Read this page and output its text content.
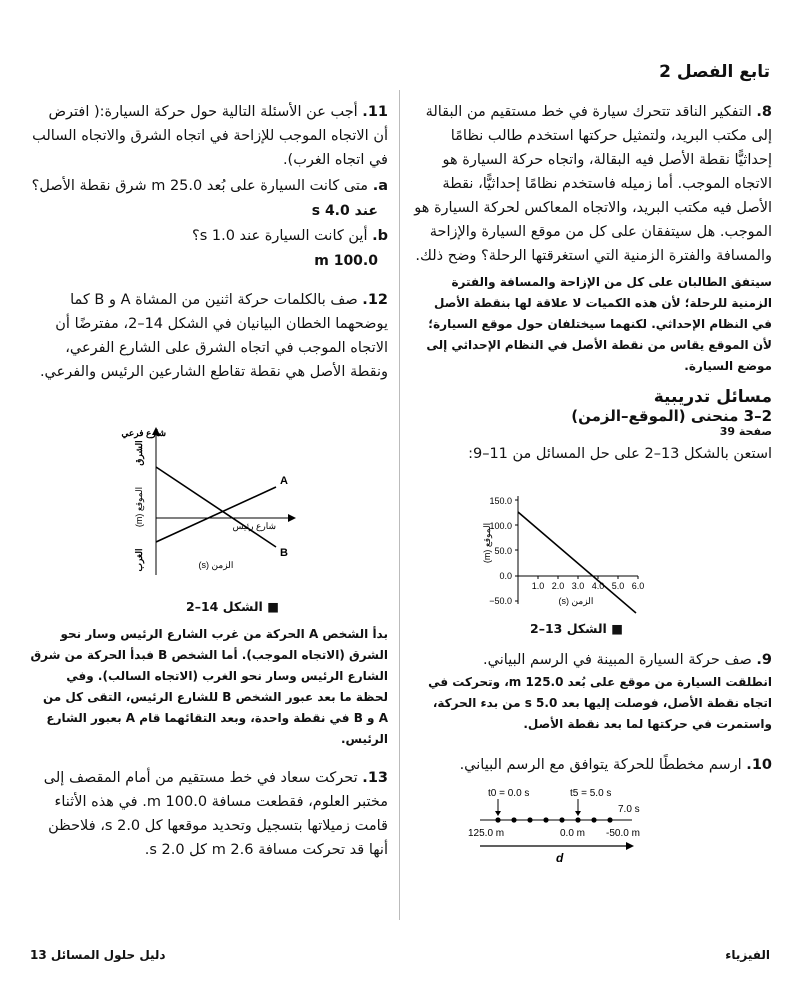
تابع الفصل 2
8. التفكير الناقد تتحرك سيارة في خط مستقيم من البقالة إلى مكتب البريد، ولتمثيل حركتها استخدم طالب نظامًا إحداثيًّا نقطة الأصل فيه البقالة، واتجاه حركة السيارة هو الاتجاه الموجب. أما زميله فاستخدم نظامًا إحداثيًّا، نقطة الأصل فيه مكتب البريد، والاتجاه المعاكس لحركة السيارة هو الموجب. هل سيتفقان على كل من موقع السيارة والإزاحة والمسافة والفترة الزمنية التي استغرقتها الرحلة؟ وضح ذلك.
سيتفق الطالبان على كل من الإزاحة والمسافة والفترة الزمنية للرحلة؛ لأن هذه الكميات لا علاقة لها بنقطة الأصل في النظام الإحداثي. لكنهما سيختلفان حول موقع السيارة؛ لأن الموقع يقاس من نقطة الأصل في النظام الإحداثي إلى موضع السيارة.
مسائل تدريبية
2–3 منحنى (الموقع–الزمن)
صفحة 39
استعن بالشكل 13–2 على حل المسائل من 11–9:
150.0
100.0
50.0
0.0
−50.0
1.0 2.0 3.0 4.0 5.0 6.0
الزمن (s)
الموقع (m)
■ الشكل 13–2
9. صف حركة السيارة المبينة في الرسم البياني.
انطلقت السيارة من موقع على بُعد 125.0 m، وتحركت في اتجاه نقطة الأصل، فوصلت إليها بعد 5.0 s من بدء الحركة، واستمرت في حركتها لما بعد نقطة الأصل.
10. ارسم مخططًا للحركة يتوافق مع الرسم البياني.
t0 = 0.0 s	t5 = 5.0 s
7.0 s
125.0 m	0.0 m -50.0 m
d
11. أجب عن الأسئلة التالية حول حركة السيارة:( افترض أن الاتجاه الموجب للإزاحة في اتجاه الشرق والاتجاه السالب في اتجاه الغرب).
a. متى كانت السيارة على بُعد 25.0 m شرق نقطة الأصل؟
عند 4.0 s
b. أين كانت السيارة عند 1.0 s؟
100.0 m
12. صف بالكلمات حركة اثنين من المشاة A و B كما يوضحهما الخطان البيانيان في الشكل 14–2، مفترضًا أن الاتجاه الموجب في اتجاه الشرق على الشارع الفرعي، ونقطة الأصل هي نقطة تقاطع الشارعين الرئيس والفرعي.
A
B
شارع فرعي
شارع رئيس
الزمن (s)
الشرق
الموقع (m)
الغرب
■ الشكل 14–2
بدأ الشخص A الحركة من غرب الشارع الرئيس وسار نحو الشرق (الاتجاه الموجب). أما الشخص B فبدأ الحركة من شرق الشارع الرئيس وسار نحو الغرب (الاتجاه السالب). وفي لحظة ما بعد عبور الشخص B للشارع الرئيس، التقى كل من A و B في نقطة واحدة، وبعد التقائهما قام A بعبور الشارع الرئيس.
13. تحركت سعاد في خط مستقيم من أمام المقصف إلى مختبر العلوم، فقطعت مسافة 100.0 m. في هذه الأثناء قامت زميلاتها بتسجيل وتحديد موقعها كل 2.0 s، فلاحظن أنها قد تحركت مسافة 2.6 m كل 2.0 s.
دليل حلول المسائل 13	الفيزياء
